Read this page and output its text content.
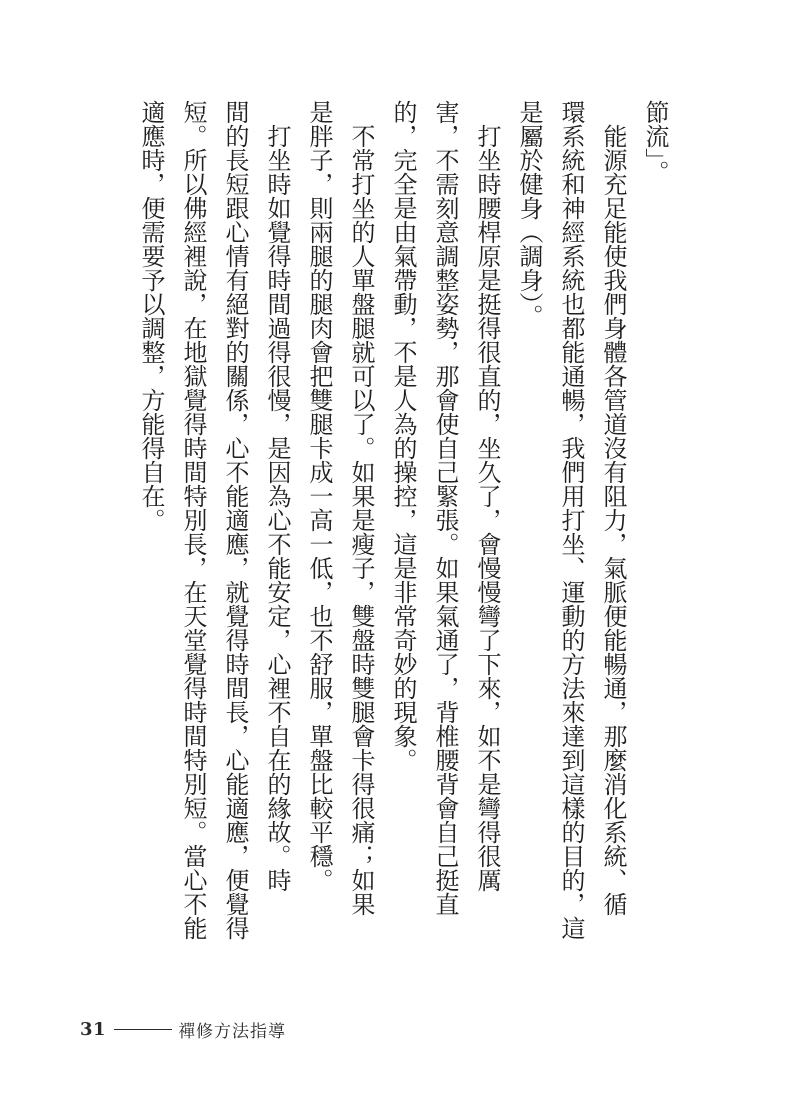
節流」。
能源充足能使我們身體各管道沒有阻力，氣脈便能暢通，那麼消化系統、循
環系統和神經系統也都能通暢，我們用打坐、運動的方法來達到這樣的目的，這
是屬於健身（調身）。
打坐時腰桿原是挺得很直的，坐久了，會慢慢彎了下來，如不是彎得很厲
害，不需刻意調整姿勢，那會使自己緊張。如果氣通了，背椎腰背會自己挺直
的，完全是由氣帶動，不是人為的操控，這是非常奇妙的現象。
不常打坐的人單盤腿就可以了。如果是瘦子，雙盤時雙腿會卡得很痛；如果
是胖子，則兩腿的腿肉會把雙腿卡成一高一低，也不舒服，單盤比較平穩。
打坐時如覺得時間過得很慢，是因為心不能安定，心裡不自在的緣故。時
間的長短跟心情有絕對的關係，心不能適應，就覺得時間長，心能適應，便覺得
短。所以佛經裡說，在地獄覺得時間特別長，在天堂覺得時間特別短。當心不能
適應時，便需要予以調整，方能得自在。
31	禪修方法指導
